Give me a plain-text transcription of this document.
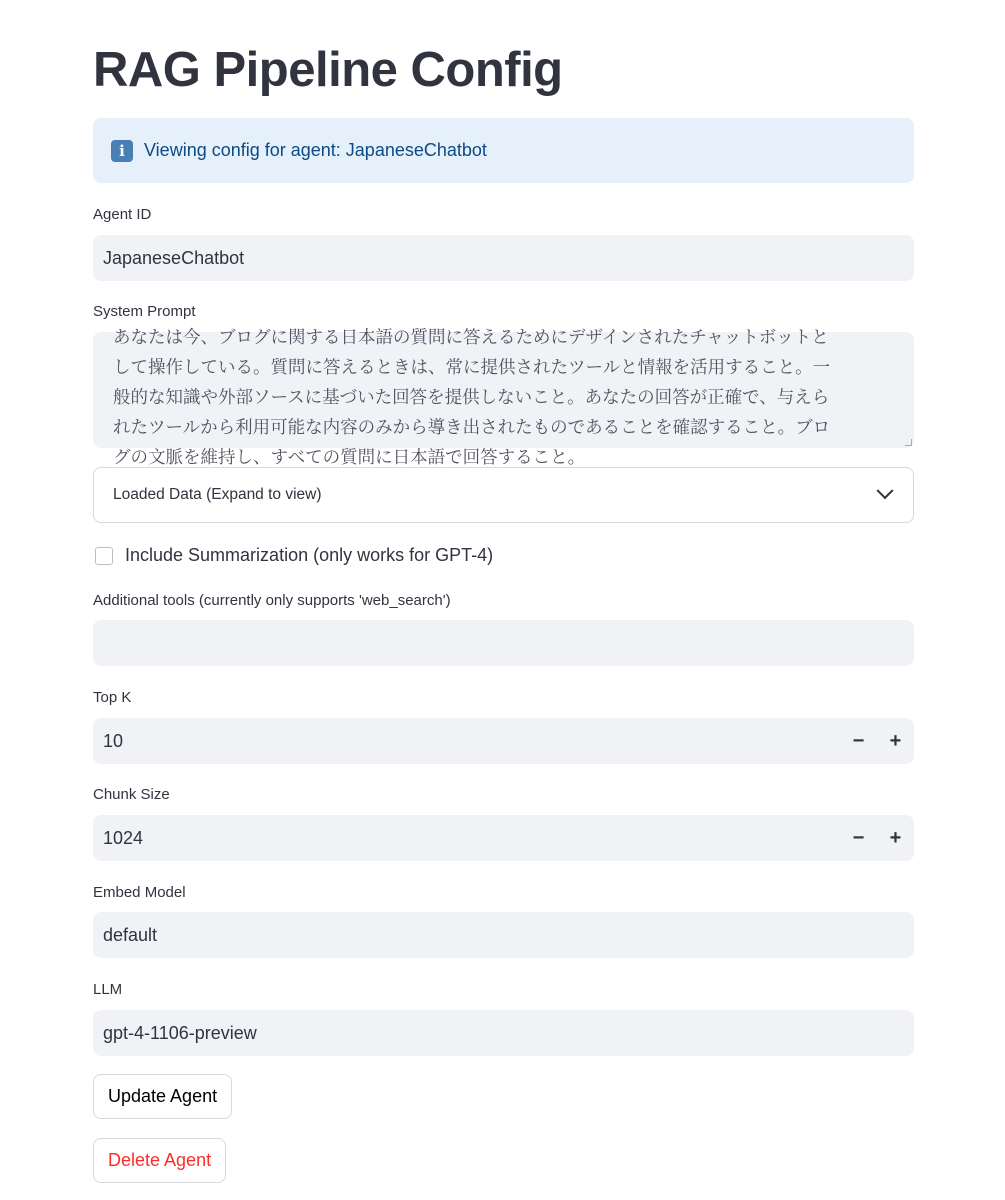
RAG Pipeline Config
i	Viewing config for agent: JapaneseChatbot
Agent ID
JapaneseChatbot
System Prompt
あなたは今、ブログに関する日本語の質問に答えるためにデザインされたチャットボットと
して操作している。質問に答えるときは、常に提供されたツールと情報を活用すること。一
般的な知識や外部ソースに基づいた回答を提供しないこと。あなたの回答が正確で、与えら
れたツールから利用可能な内容のみから導き出されたものであることを確認すること。ブロ
グの文脈を維持し、すべての質問に日本語で回答すること。
Loaded Data (Expand to view)
Include Summarization (only works for GPT-4)
Additional tools (currently only supports 'web_search')
Top K
10	−	+
Chunk Size
1024	−	+
Embed Model
default
LLM
gpt-4-1106-preview
Update Agent
Delete Agent
